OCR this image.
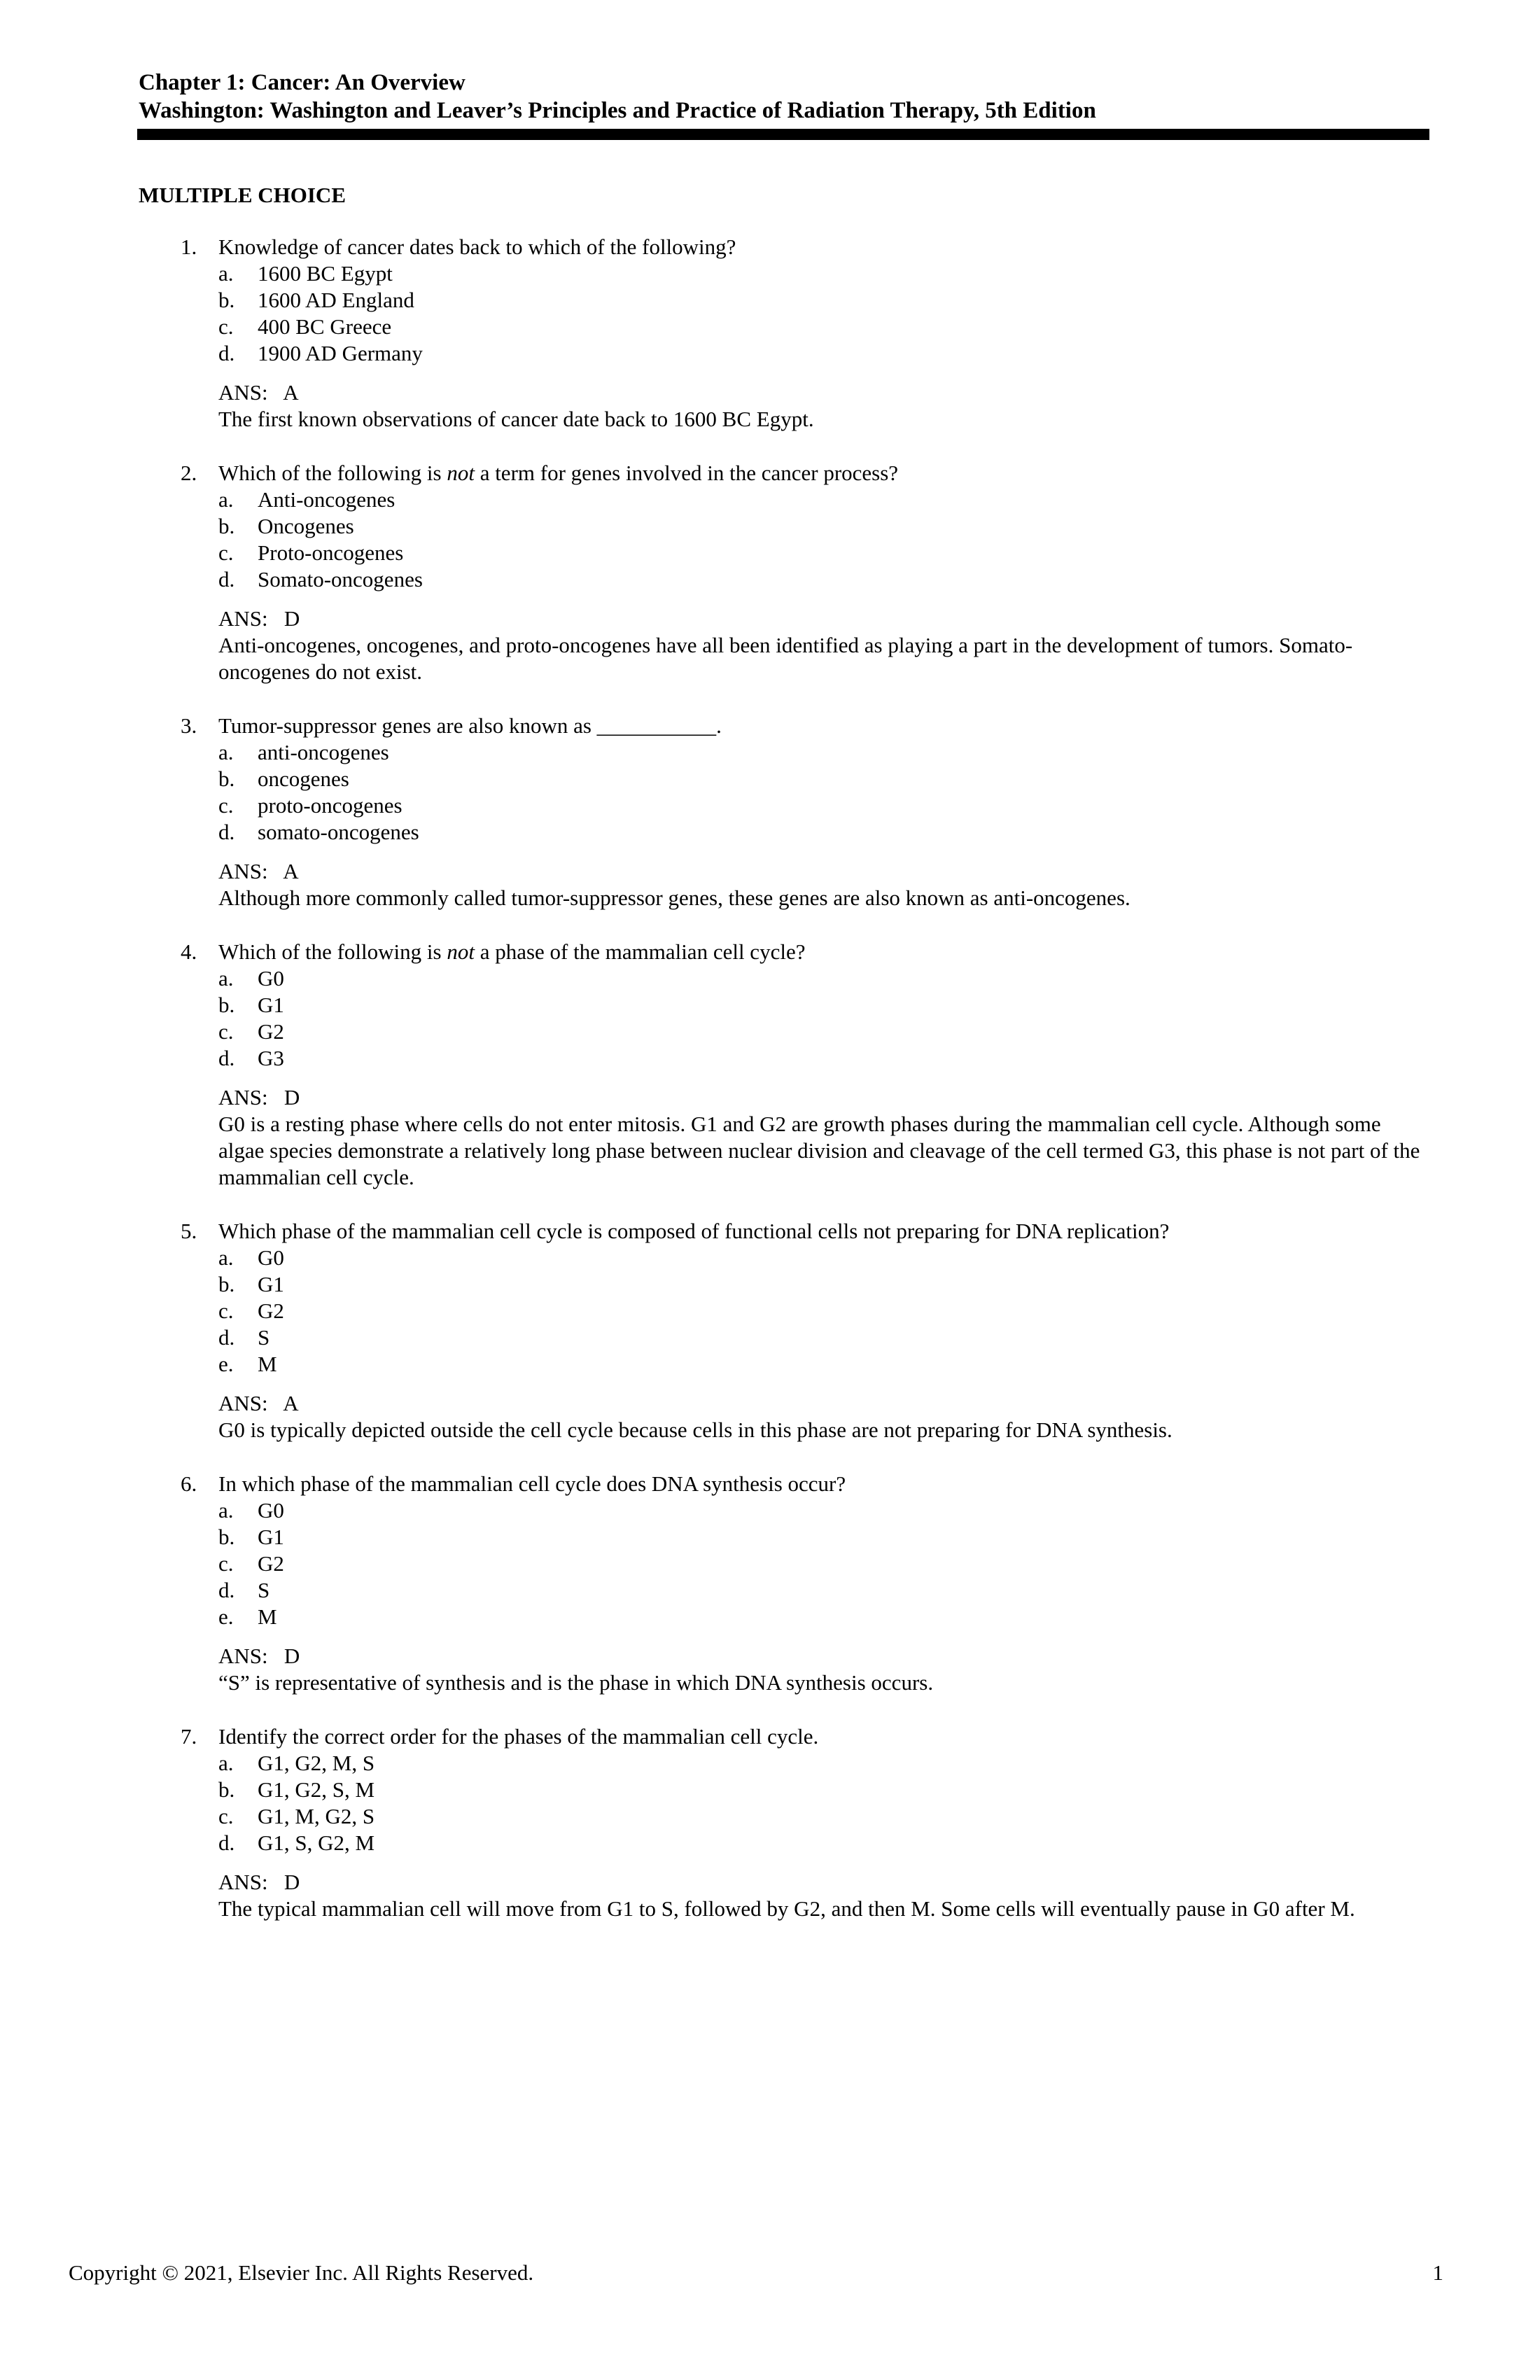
Chapter 1: Cancer: An Overview
Washington: Washington and Leaver’s Principles and Practice of Radiation Therapy, 5th Edition
MULTIPLE CHOICE
1. Knowledge of cancer dates back to which of the following?
a. 1600 BC Egypt
b. 1600 AD England
c. 400 BC Greece
d. 1900 AD Germany
ANS: A
The first known observations of cancer date back to 1600 BC Egypt.
2. Which of the following is not a term for genes involved in the cancer process?
a. Anti-oncogenes
b. Oncogenes
c. Proto-oncogenes
d. Somato-oncogenes
ANS: D
Anti-oncogenes, oncogenes, and proto-oncogenes have all been identified as playing a part in the development of tumors. Somato-oncogenes do not exist.
3. Tumor-suppressor genes are also known as ___________.
a. anti-oncogenes
b. oncogenes
c. proto-oncogenes
d. somato-oncogenes
ANS: A
Although more commonly called tumor-suppressor genes, these genes are also known as anti-oncogenes.
4. Which of the following is not a phase of the mammalian cell cycle?
a. G0
b. G1
c. G2
d. G3
ANS: D
G0 is a resting phase where cells do not enter mitosis. G1 and G2 are growth phases during the mammalian cell cycle. Although some algae species demonstrate a relatively long phase between nuclear division and cleavage of the cell termed G3, this phase is not part of the mammalian cell cycle.
5. Which phase of the mammalian cell cycle is composed of functional cells not preparing for DNA replication?
a. G0
b. G1
c. G2
d. S
e. M
ANS: A
G0 is typically depicted outside the cell cycle because cells in this phase are not preparing for DNA synthesis.
6. In which phase of the mammalian cell cycle does DNA synthesis occur?
a. G0
b. G1
c. G2
d. S
e. M
ANS: D
“S” is representative of synthesis and is the phase in which DNA synthesis occurs.
7. Identify the correct order for the phases of the mammalian cell cycle.
a. G1, G2, M, S
b. G1, G2, S, M
c. G1, M, G2, S
d. G1, S, G2, M
ANS: D
The typical mammalian cell will move from G1 to S, followed by G2, and then M. Some cells will eventually pause in G0 after M.
Copyright © 2021, Elsevier Inc. All Rights Reserved.	1
